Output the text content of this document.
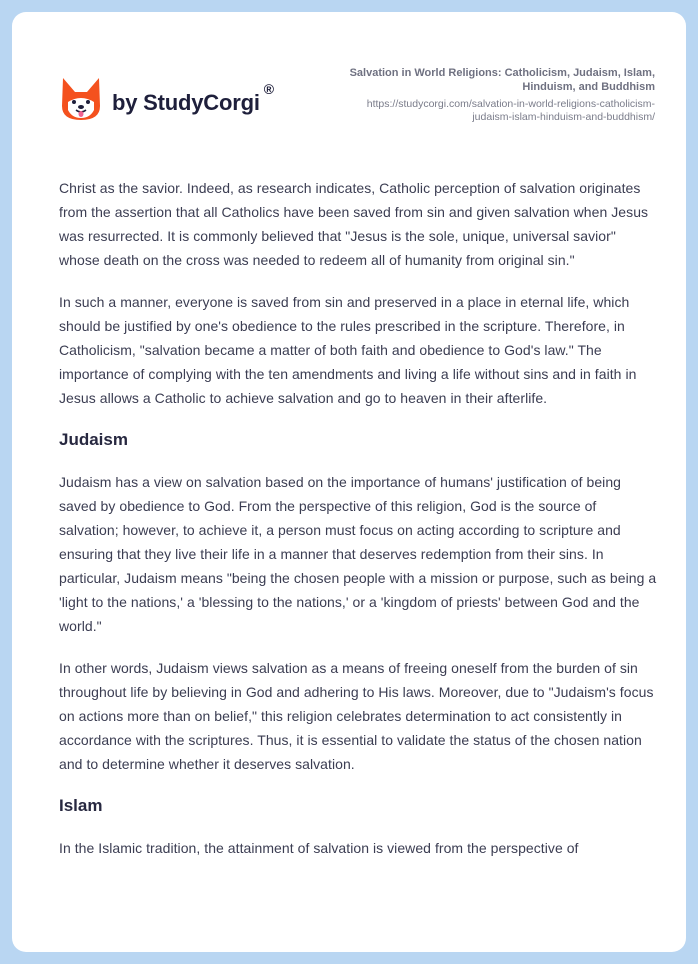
by StudyCorgi
®
Salvation in World Religions: Catholicism, Judaism, Islam, Hinduism, and Buddhism
https://studycorgi.com/salvation-in-world-religions-catholicism-judaism-islam-hinduism-and-buddhism/

Christ as the savior. Indeed, as research indicates, Catholic perception of salvation originates from the assertion that all Catholics have been saved from sin and given salvation when Jesus was resurrected. It is commonly believed that "Jesus is the sole, unique, universal savior" whose death on the cross was needed to redeem all of humanity from original sin."

In such a manner, everyone is saved from sin and preserved in a place in eternal life, which should be justified by one's obedience to the rules prescribed in the scripture. Therefore, in Catholicism, "salvation became a matter of both faith and obedience to God's law." The importance of complying with the ten amendments and living a life without sins and in faith in Jesus allows a Catholic to achieve salvation and go to heaven in their afterlife.

Judaism

Judaism has a view on salvation based on the importance of humans' justification of being saved by obedience to God. From the perspective of this religion, God is the source of salvation; however, to achieve it, a person must focus on acting according to scripture and ensuring that they live their life in a manner that deserves redemption from their sins. In particular, Judaism means "being the chosen people with a mission or purpose, such as being a 'light to the nations,' a 'blessing to the nations,' or a 'kingdom of priests' between God and the world."

In other words, Judaism views salvation as a means of freeing oneself from the burden of sin throughout life by believing in God and adhering to His laws. Moreover, due to "Judaism's focus on actions more than on belief," this religion celebrates determination to act consistently in accordance with the scriptures. Thus, it is essential to validate the status of the chosen nation and to determine whether it deserves salvation.

Islam

In the Islamic tradition, the attainment of salvation is viewed from the perspective of
